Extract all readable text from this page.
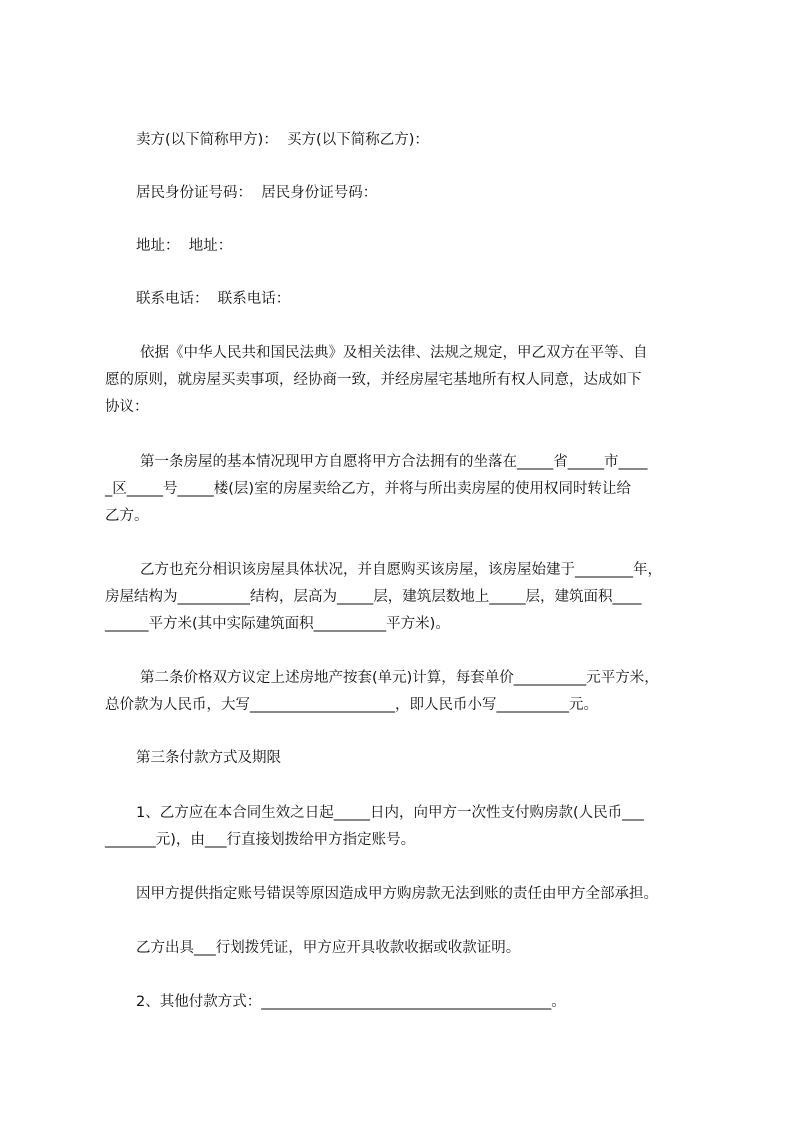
卖方(以下简称甲方)：  买方(以下简称乙方)：
居民身份证号码：  居民身份证号码：
地址：  地址：
联系电话：  联系电话：
依据《中华人民共和国民法典》及相关法律、法规之规定，甲乙双方在平等、自
愿的原则，就房屋买卖事项，经协商一致，并经房屋宅基地所有权人同意，达成如下
协议：
第一条房屋的基本情况现甲方自愿将甲方合法拥有的坐落在_____省_____市____
_区_____号_____楼(层)室的房屋卖给乙方，并将与所出卖房屋的使用权同时转让给
乙方。
乙方也充分相识该房屋具体状况，并自愿购买该房屋，该房屋始建于________年，
房屋结构为__________结构，层高为_____层，建筑层数地上_____层，建筑面积____
______平方米(其中实际建筑面积__________平方米)。
第二条价格双方议定上述房地产按套(单元)计算，每套单价__________元平方米，
总价款为人民币，大写____________________，即人民币小写__________元。
第三条付款方式及期限
1、乙方应在本合同生效之日起_____日内，向甲方一次性支付购房款(人民币___
_______元)，由___行直接划拨给甲方指定账号。
因甲方提供指定账号错误等原因造成甲方购房款无法到账的责任由甲方全部承担。
乙方出具___行划拨凭证，甲方应开具收款收据或收款证明。
2、其他付款方式：________________________________________。
